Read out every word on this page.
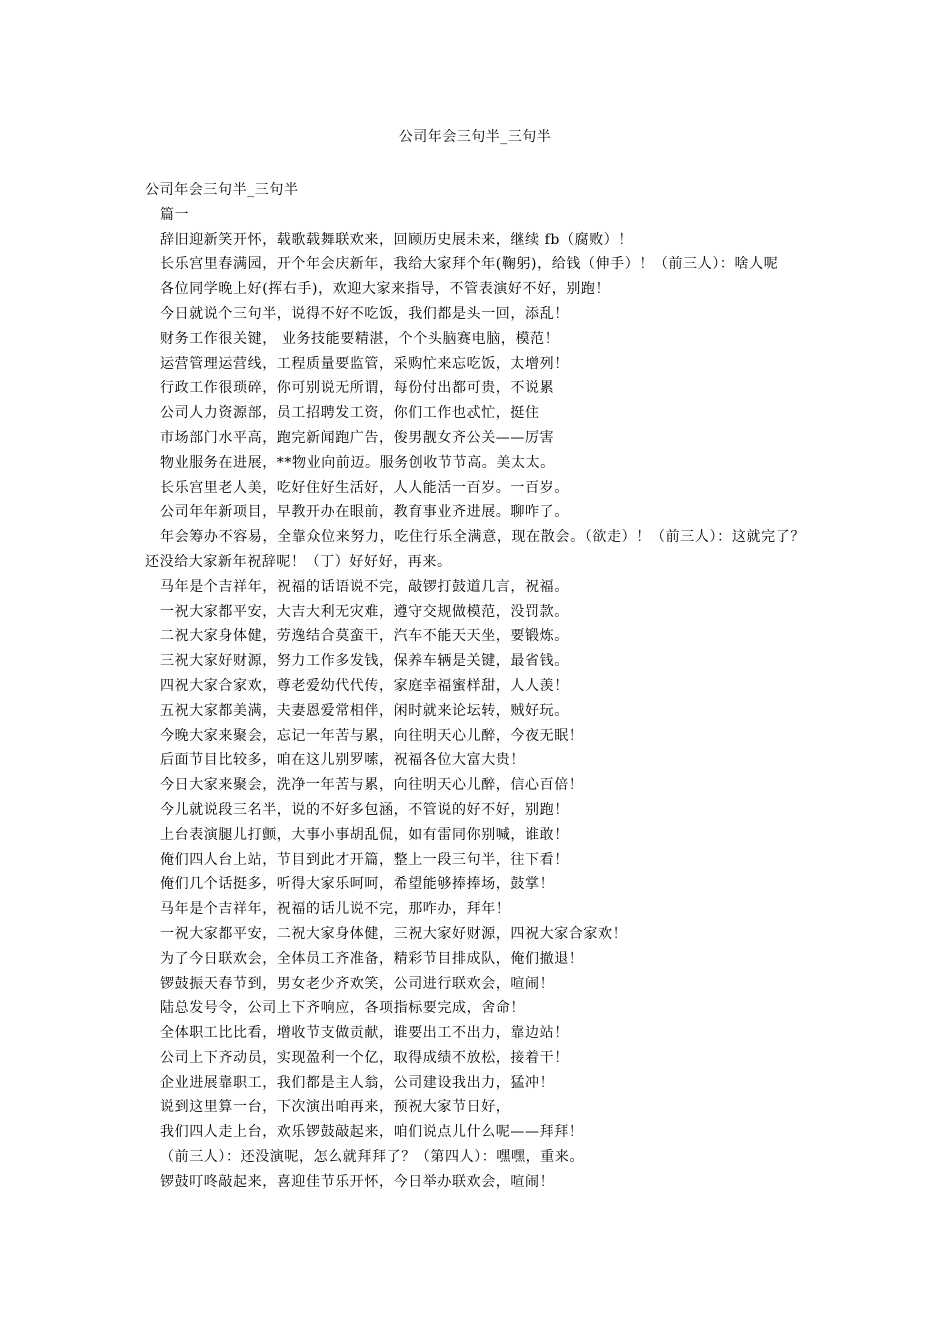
公司年会三句半_三句半

公司年会三句半_三句半

篇一

辞旧迎新笑开怀，载歌载舞联欢来，回顾历史展未来，继续 fb（腐败）！

长乐宫里春满园，开个年会庆新年，我给大家拜个年(鞠躬)，给钱（伸手）！（前三人）：啥人呢

各位同学晚上好(挥右手)，欢迎大家来指导，不管表演好不好，别跑！

今日就说个三句半，说得不好不吃饭，我们都是头一回，添乱！

财务工作很关键， 业务技能要精湛，个个头脑赛电脑，模范！

运营管理运营线，工程质量要监管，采购忙来忘吃饭，太增列！

行政工作很琐碎，你可别说无所谓，每份付出都可贵，不说累

公司人力资源部，员工招聘发工资，你们工作也忒忙，挺住

市场部门水平高，跑完新闻跑广告，俊男靓女齐公关——厉害

物业服务在进展，**物业向前迈。服务创收节节高。美太太。

长乐宫里老人美，吃好住好生活好，人人能活一百岁。一百岁。

公司年年新项目，早教开办在眼前，教育事业齐进展。聊咋了。

年会筹办不容易，全靠众位来努力，吃住行乐全满意，现在散会。（欲走）！（前三人）：这就完了？还没给大家新年祝辞呢！（丁）好好好，再来。

马年是个吉祥年，祝福的话语说不完，敲锣打鼓道几言，祝福。

一祝大家都平安，大吉大利无灾难，遵守交规做模范，没罚款。

二祝大家身体健，劳逸结合莫蛮干，汽车不能天天坐，要锻炼。

三祝大家好财源，努力工作多发钱，保养车辆是关键，最省钱。

四祝大家合家欢，尊老爱幼代代传，家庭幸福蜜样甜，人人羡！

五祝大家都美满，夫妻恩爱常相伴，闲时就来论坛转，贼好玩。

今晚大家来聚会，忘记一年苦与累，向往明天心儿醉，今夜无眠！

后面节目比较多，咱在这儿别罗嗦，祝福各位大富大贵！

今日大家来聚会，洗净一年苦与累，向往明天心儿醉，信心百倍！

今儿就说段三名半，说的不好多包涵，不管说的好不好，别跑！

上台表演腿儿打颤，大事小事胡乱侃，如有雷同你别喊，谁敢！

俺们四人台上站，节目到此才开篇，整上一段三句半，往下看！

俺们几个话挺多，听得大家乐呵呵，希望能够捧捧场，鼓掌！

马年是个吉祥年，祝福的话儿说不完，那咋办，拜年！

一祝大家都平安，二祝大家身体健，三祝大家好财源，四祝大家合家欢！

为了今日联欢会，全体员工齐准备，精彩节目排成队，俺们撤退！

锣鼓振天春节到，男女老少齐欢笑，公司进行联欢会，喧闹！

陆总发号令，公司上下齐响应，各项指标要完成，舍命！

全体职工比比看，增收节支做贡献，谁要出工不出力，靠边站！

公司上下齐动员，实现盈利一个亿，取得成绩不放松，接着干！

企业进展靠职工，我们都是主人翁，公司建设我出力，猛冲！

说到这里算一台，下次演出咱再来，预祝大家节日好，

我们四人走上台，欢乐锣鼓敲起来，咱们说点儿什么呢——拜拜！

（前三人）：还没演呢，怎么就拜拜了？（第四人）：嘿嘿，重来。

锣鼓叮咚敲起来，喜迎佳节乐开怀，今日举办联欢会，喧闹！
